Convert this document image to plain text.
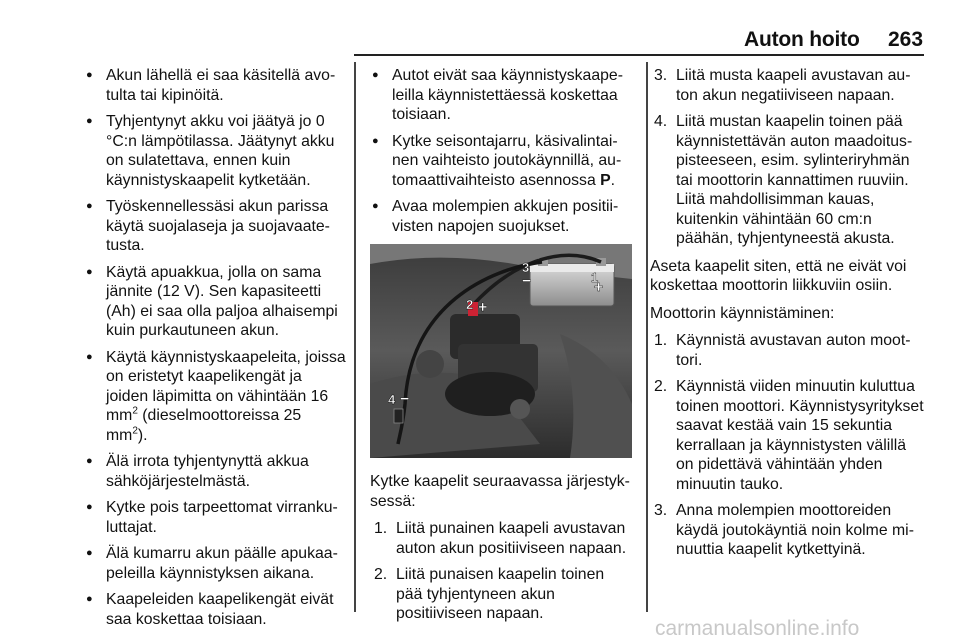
Auton hoito 263
● Akun lähellä ei saa käsitellä avotulta tai kipinöitä.
● Tyhjentynyt akku voi jäätyä jo 0 °C:n lämpötilassa. Jäätynyt akku on sulatettava, ennen kuin käynnistyskaapelit kytketään.
● Työskennellessäsi akun parissa käytä suojalaseja ja suojavaatetusta.
● Käytä apuakkua, jolla on sama jännite (12 V). Sen kapasiteetti (Ah) ei saa olla paljoa alhaisempi kuin purkautuneen akun.
● Käytä käynnistyskaapeleita, joissa on eristetyt kaapelikengät ja joiden läpimitta on vähintään 16 $mm^2$ (dieselmoottoreissa 25 $mm^2$).
● Älä irrota tyhjentynyttä akkua sähköjärjestelmästä.
● Kytke pois tarpeettomat virrankuluttajat.
● Älä kumarru akun päälle apukaapeleilla käynnistyksen aikana.
● Kaapeleiden kaapelikengät eivät saa koskettaa toisiaan.
● Autot eivät saa käynnistyskaapeleilla käynnistettäessä koskettaa toisiaan.
● Kytke seisontajarru, käsivalintainen vaihteisto joutokäynnillä, automaattivaihteisto asennossa P.
● Avaa molempien akkujen positiivisten napojen suojukset.
1
+
2 +
3
−
4 −

Kytke kaapelit seuraavassa järjestyksessä:

1. Liitä punainen kaapeli avustavan auton akun positiiviseen napaan.
2. Liitä punaisen kaapelin toinen pää tyhjentyneen akun positiiviseen napaan.
3. Liitä musta kaapeli avustavan auton akun negatiiviseen napaan.
4. Liitä mustan kaapelin toinen pää käynnistettävän auton maadoituspisteeseen, esim. sylinteriryhmän tai moottorin kannattimen ruuviin. Liitä mahdollisimman kauas, kuitenkin vähintään 60 cm:n päähän, tyhjentyneestä akusta.

Aseta kaapelit siten, että ne eivät voi koskettaa moottorin liikkuviin osiin.

Moottorin käynnistäminen:

1. Käynnistä avustavan auton moottori.
2. Käynnistä viiden minuutin kuluttua toinen moottori. Käynnistysyritykset saavat kestää vain 15 sekuntia kerrallaan ja käynnistysten välillä on pidettävä vähintään yhden minuutin tauko.
3. Anna molempien moottoreiden käydä joutokäyntiä noin kolme minuuttia kaapelit kytkettyinä.
carmanualsonline.info
